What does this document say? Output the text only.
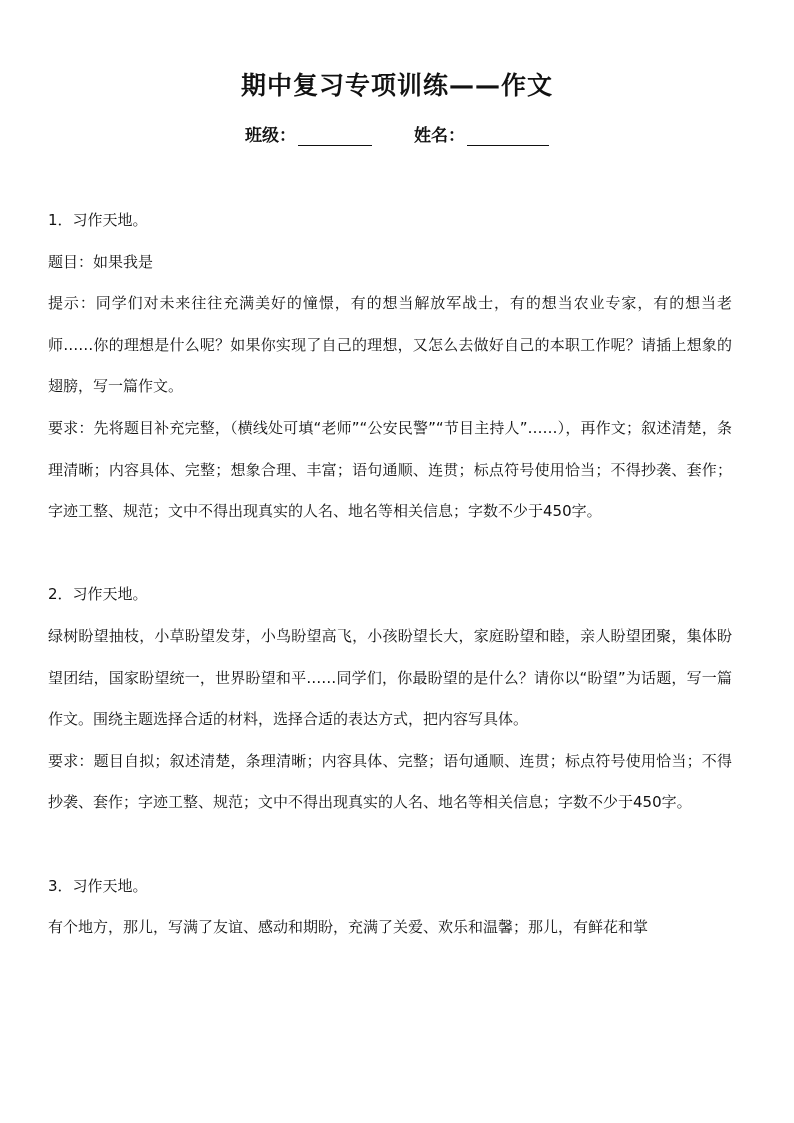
期中复习专项训练——作文
班级：	姓名：

1．习作天地。

题目：如果我是

提示：同学们对未来往往充满美好的憧憬，有的想当解放军战士，有的想当农业专家，有的想当老师……你的理想是什么呢？如果你实现了自己的理想，又怎么去做好自己的本职工作呢？请插上想象的翅膀，写一篇作文。

要求：先将题目补充完整，（横线处可填“老师”“公安民警”“节目主持人”……），再作文；叙述清楚，条理清晰；内容具体、完整；想象合理、丰富；语句通顺、连贯；标点符号使用恰当；不得抄袭、套作；字迹工整、规范；文中不得出现真实的人名、地名等相关信息；字数不少于450字。

2．习作天地。

绿树盼望抽枝，小草盼望发芽，小鸟盼望高飞，小孩盼望长大，家庭盼望和睦，亲人盼望团聚，集体盼望团结，国家盼望统一，世界盼望和平……同学们，你最盼望的是什么？请你以“盼望”为话题，写一篇作文。围绕主题选择合适的材料，选择合适的表达方式，把内容写具体。

要求：题目自拟；叙述清楚，条理清晰；内容具体、完整；语句通顺、连贯；标点符号使用恰当；不得抄袭、套作；字迹工整、规范；文中不得出现真实的人名、地名等相关信息；字数不少于450字。

3．习作天地。

有个地方，那儿，写满了友谊、感动和期盼，充满了关爱、欢乐和温馨；那儿，有鲜花和掌
